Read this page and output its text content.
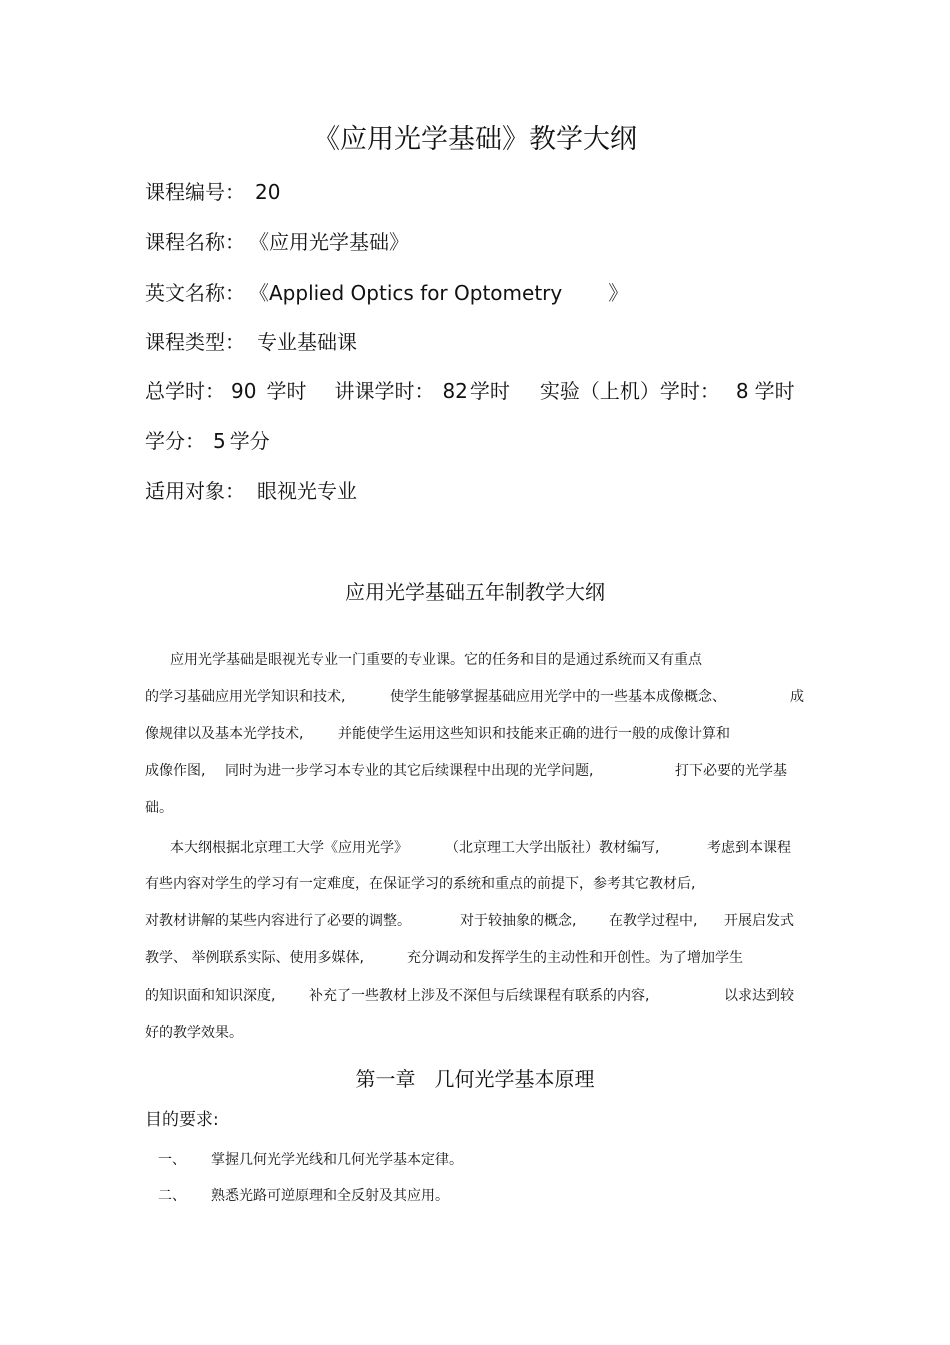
《应用光学基础》教学大纲
课程编号： 20
课程名称： 《应用光学基础》
英文名称： 《Applied Optics for Optometry 》
课程类型： 专业基础课
总学时： 90 学时 讲课学时： 82 学时 实验（上机）学时： 8 学时
学分： 5 学分
适用对象： 眼视光专业
应用光学基础五年制教学大纲
应用光学基础是眼视光专业一门重要的专业课。它的任务和目的是通过系统而又有重点
的学习基础应用光学知识和技术,	使学生能够掌握基础应用光学中的一些基本成像概念、	成
像规律以及基本光学技术, 并能使学生运用这些知识和技能来正确的进行一般的成像计算和
成像作图, 同时为进一步学习本专业的其它后续课程中出现的光学问题,	打下必要的光学基
础。
本大纲根据北京理工大学《应用光学》	（北京理工大学出版社）教材编写,	考虑到本课程
有些内容对学生的学习有一定难度，在保证学习的系统和重点的前提下，参考其它教材后,
对教材讲解的某些内容进行了必要的调整。	对于较抽象的概念, 在教学过程中, 开展启发式
教学、 举例联系实际、使用多媒体,	充分调动和发挥学生的主动性和开创性。为了增加学生
的知识面和知识深度, 补充了一些教材上涉及不深但与后续课程有联系的内容,	以求达到较
好的教学效果。
第一章   几何光学基本原理
目的要求:
一、 掌握几何光学光线和几何光学基本定律。
二、 熟悉光路可逆原理和全反射及其应用。
